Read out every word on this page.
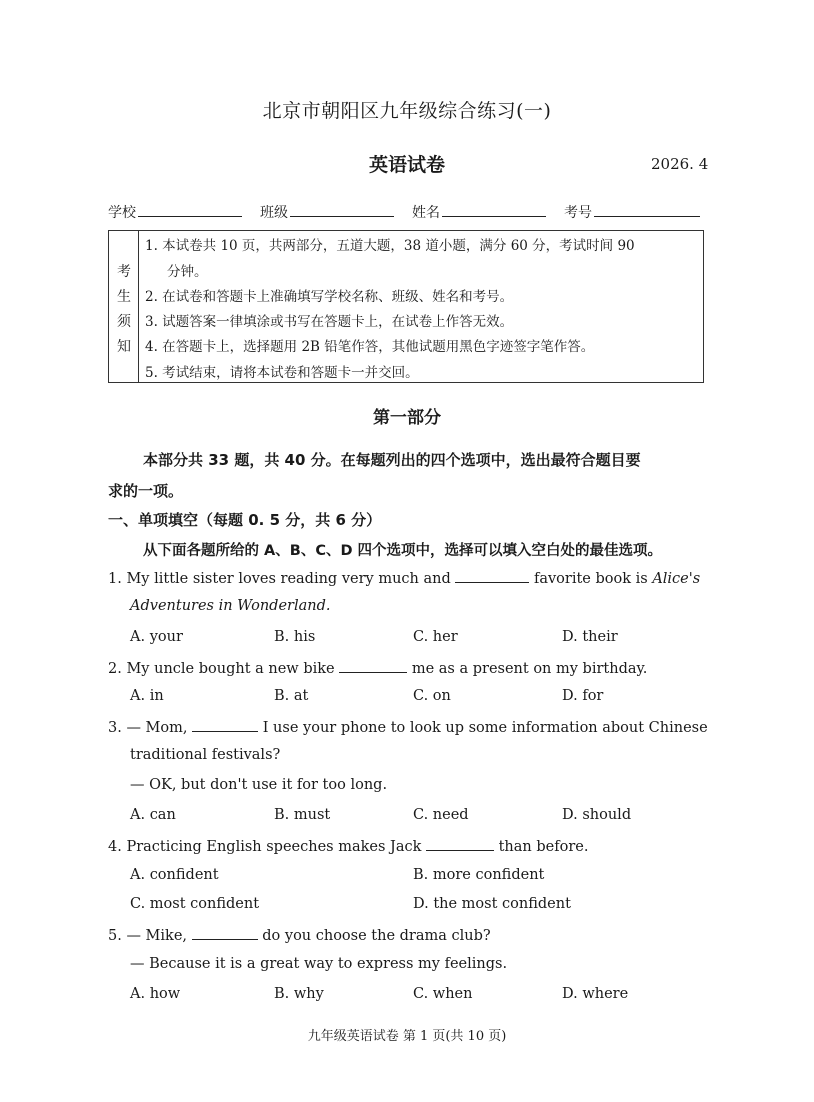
北京市朝阳区九年级综合练习(一)
英语试卷	2026. 4
学校	班级	姓名	考号
考
生
须
知
1. 本试卷共 10 页，共两部分，五道大题，38 道小题，满分 60 分，考试时间 90
分钟。
2. 在试卷和答题卡上准确填写学校名称、班级、姓名和考号。
3. 试题答案一律填涂或书写在答题卡上，在试卷上作答无效。
4. 在答题卡上，选择题用 2B 铅笔作答，其他试题用黑色字迹签字笔作答。
5. 考试结束，请将本试卷和答题卡一并交回。
第一部分
本部分共 33 题，共 40 分。在每题列出的四个选项中，选出最符合题目要
求的一项。
一、单项填空（每题 0. 5 分，共 6 分）
从下面各题所给的 A、B、C、D 四个选项中，选择可以填入空白处的最佳选项。
1. My little sister loves reading very much and	favorite book is Alice's
Adventures in Wonderland.
A. your	B. his	C. her	D. their
2. My uncle bought a new bike	me as a present on my birthday.
A. in	B. at	C. on	D. for
3. — Mom,	I use your phone to look up some information about Chinese
traditional festivals?
— OK, but don't use it for too long.
A. can	B. must	C. need	D. should
4. Practicing English speeches makes Jack	than before.
A. confident	B. more confident
C. most confident	D. the most confident
5. — Mike,	do you choose the drama club?
— Because it is a great way to express my feelings.
A. how	B. why	C. when	D. where
九年级英语试卷 第 1 页(共 10 页)
